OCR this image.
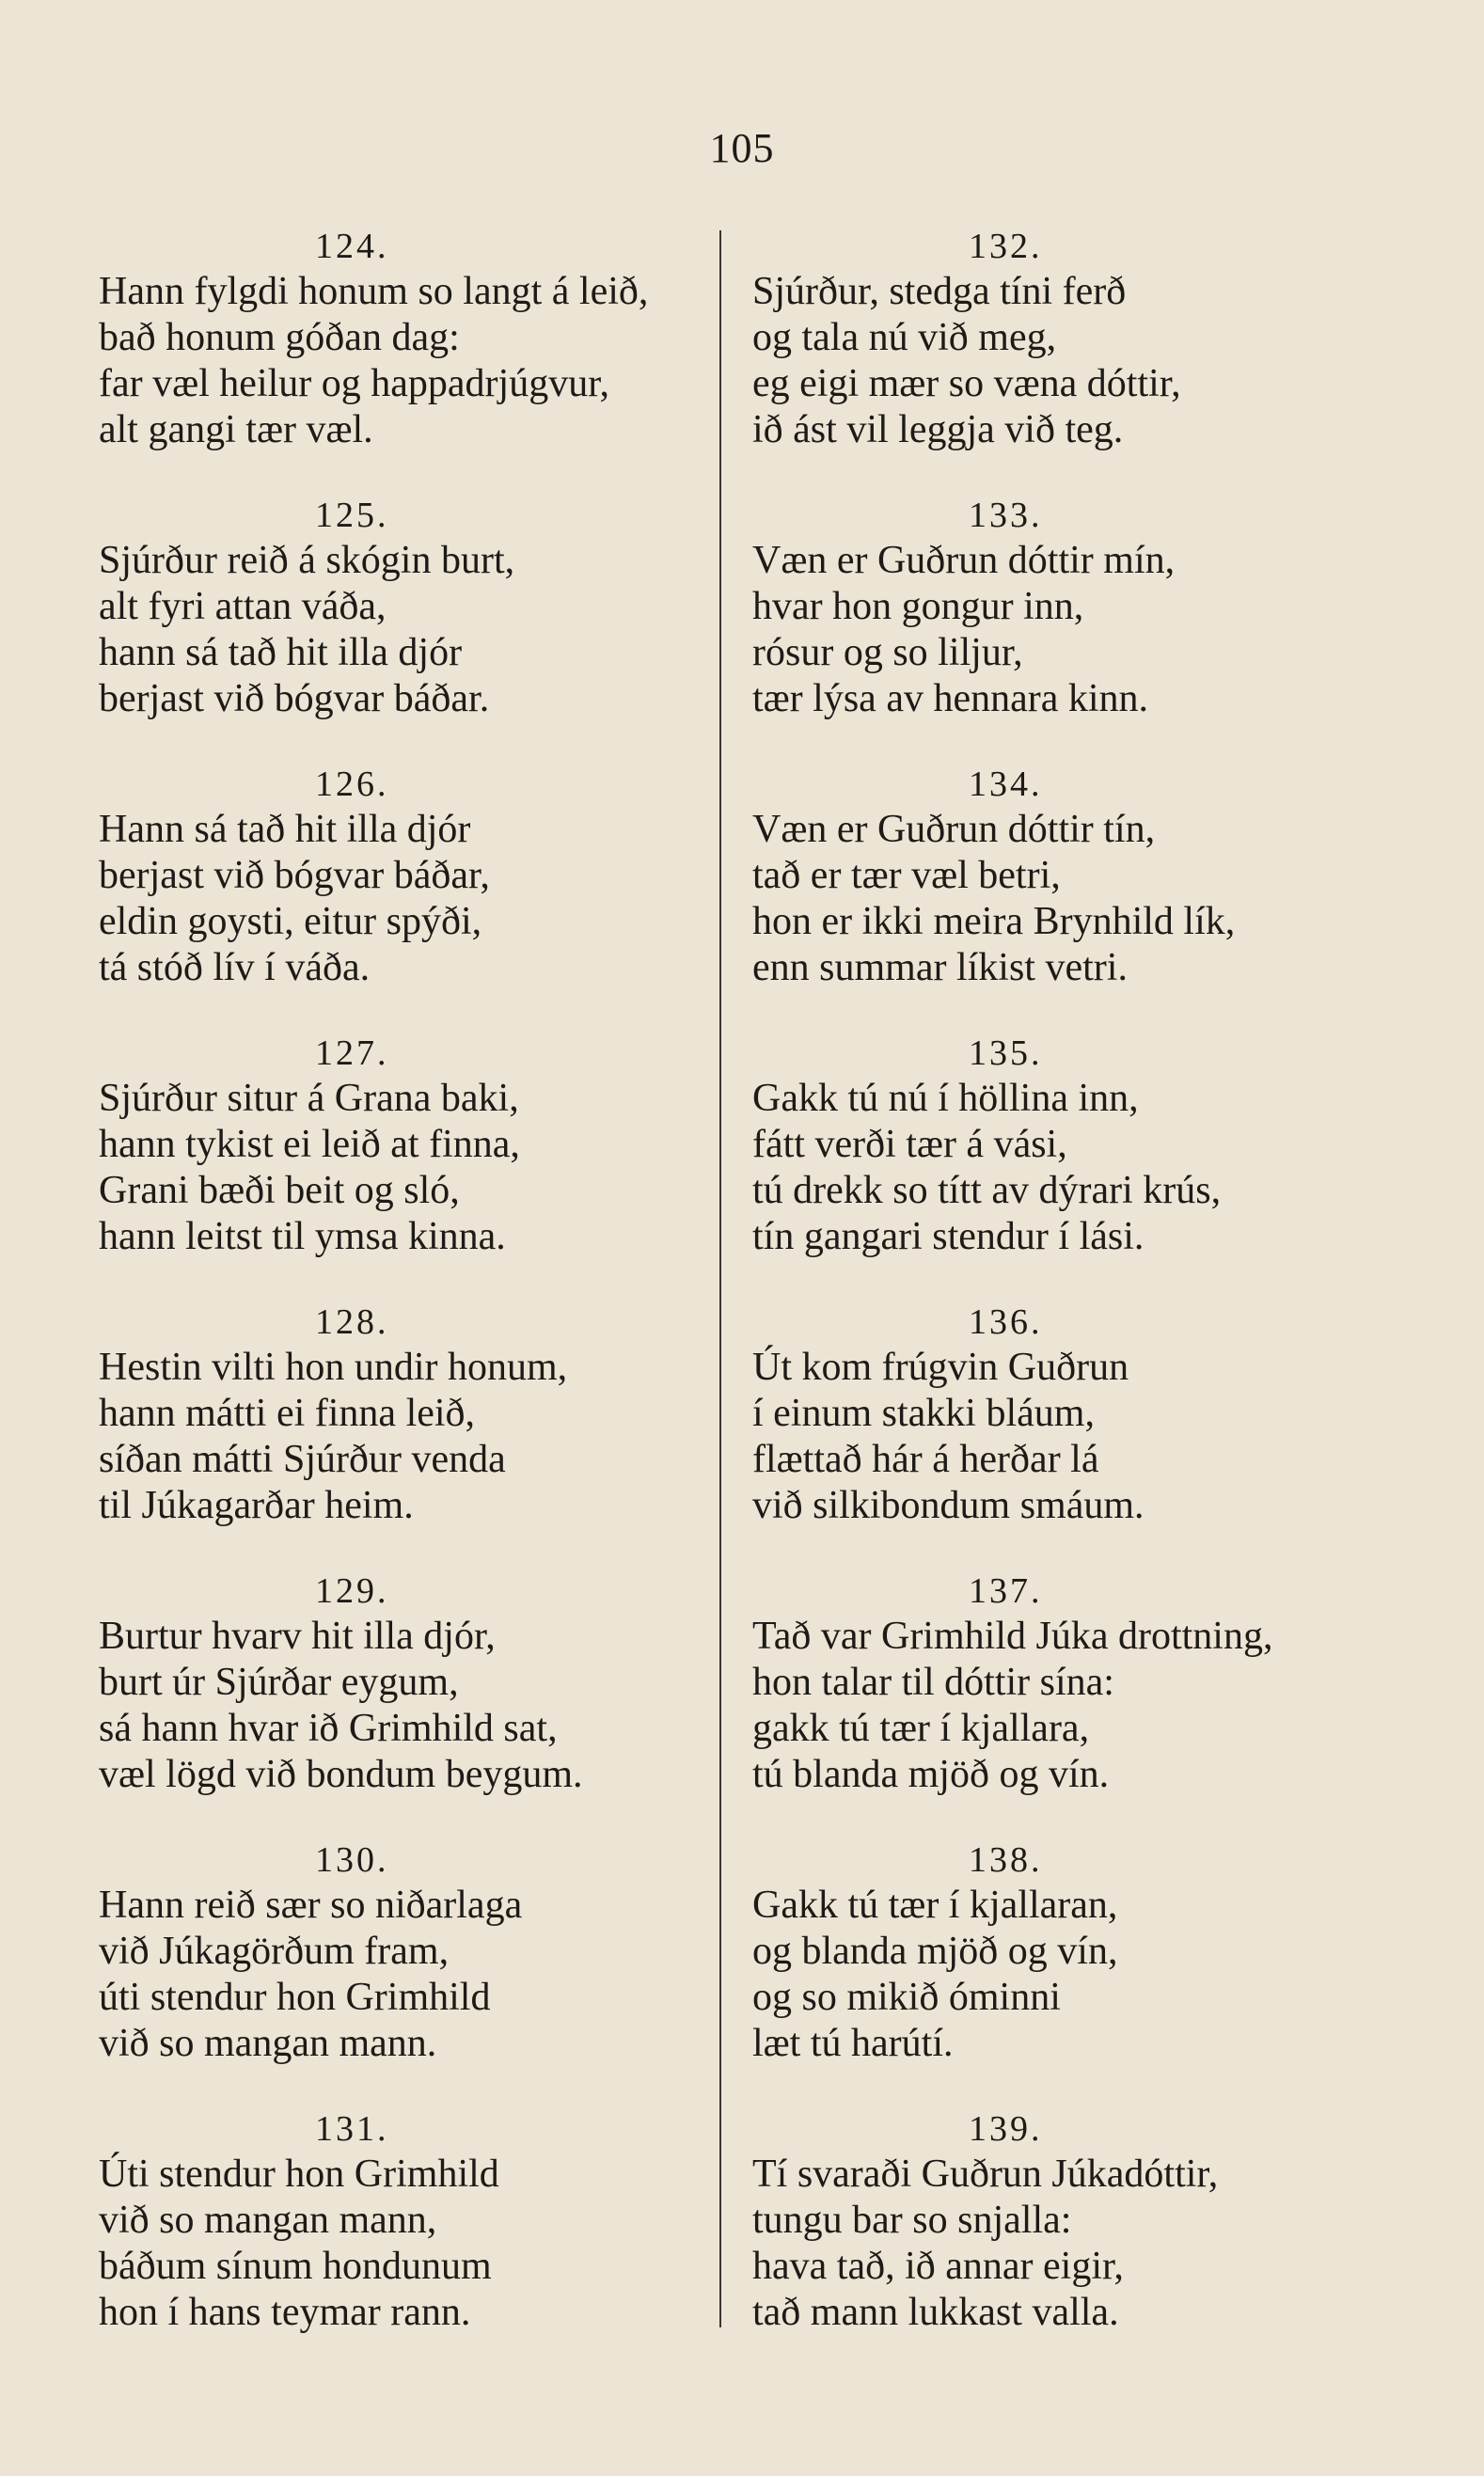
105
124.
Hann fylgdi honum so langt á leið,
bað honum góðan dag:
far væl heilur og happadrjúgvur,
alt gangi tær væl.
125.
Sjúrður reið á skógin burt,
alt fyri attan váða,
hann sá tað hit illa djór
berjast við bógvar báðar.
126.
Hann sá tað hit illa djór
berjast við bógvar báðar,
eldin goysti, eitur spýði,
tá stóð lív í váða.
127.
Sjúrður situr á Grana baki,
hann tykist ei leið at finna,
Grani bæði beit og sló,
hann leitst til ymsa kinna.
128.
Hestin vilti hon undir honum,
hann mátti ei finna leið,
síðan mátti Sjúrður venda
til Júkagarðar heim.
129.
Burtur hvarv hit illa djór,
burt úr Sjúrðar eygum,
sá hann hvar ið Grimhild sat,
væl lögd við bondum beygum.
130.
Hann reið sær so niðarlaga
við Júkagörðum fram,
úti stendur hon Grimhild
við so mangan mann.
131.
Úti stendur hon Grimhild
við so mangan mann,
báðum sínum hondunum
hon í hans teymar rann.
132.
Sjúrður, stedga tíni ferð
og tala nú við meg,
eg eigi mær so væna dóttir,
ið ást vil leggja við teg.
133.
Væn er Guðrun dóttir mín,
hvar hon gongur inn,
rósur og so liljur,
tær lýsa av hennara kinn.
134.
Væn er Guðrun dóttir tín,
tað er tær væl betri,
hon er ikki meira Brynhild lík,
enn summar líkist vetri.
135.
Gakk tú nú í höllina inn,
fátt verði tær á vási,
tú drekk so títt av dýrari krús,
tín gangari stendur í lási.
136.
Út kom frúgvin Guðrun
í einum stakki bláum,
flættað hár á herðar lá
við silkibondum smáum.
137.
Tað var Grimhild Júka drottning,
hon talar til dóttir sína:
gakk tú tær í kjallara,
tú blanda mjöð og vín.
138.
Gakk tú tær í kjallaran,
og blanda mjöð og vín,
og so mikið óminni
læt tú harútí.
139.
Tí svaraði Guðrun Júkadóttir,
tungu bar so snjalla:
hava tað, ið annar eigir,
tað mann lukkast valla.
